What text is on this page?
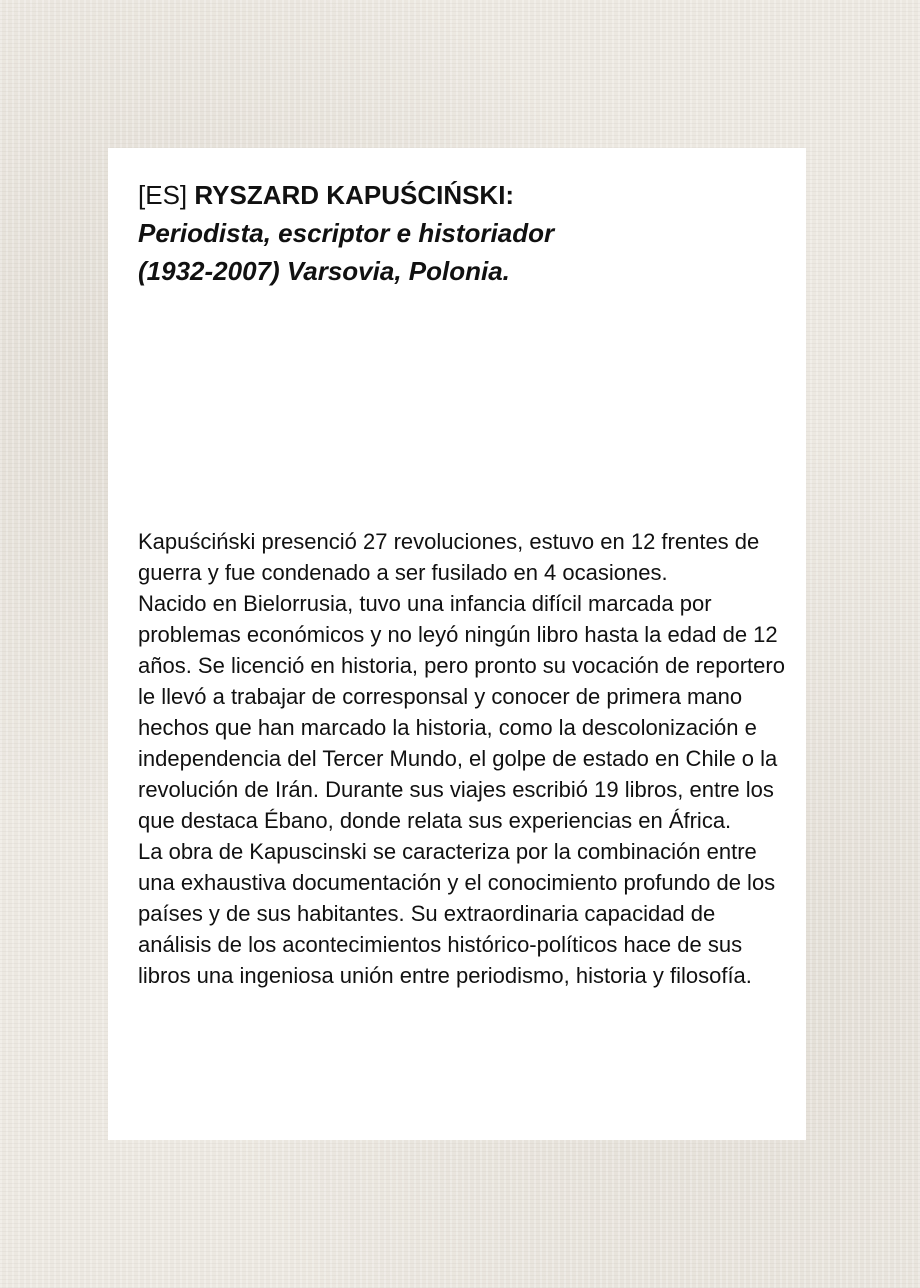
[ES] RYSZARD KAPUŚCIŃSKI:
Periodista, escriptor e historiador
(1932-2007) Varsovia, Polonia.

Kapuściński presenció 27 revoluciones, estuvo en 12 frentes de guerra y fue condenado a ser fusilado en 4 ocasiones.
Nacido en Bielorrusia, tuvo una infancia difícil marcada por problemas económicos y no leyó ningún libro hasta la edad de 12 años. Se licenció en historia, pero pronto su vocación de reportero le llevó a trabajar de corresponsal y conocer de primera mano hechos que han marcado la historia, como la descolonización e independencia del Tercer Mundo, el golpe de estado en Chile o la revolución de Irán. Durante sus viajes escribió 19 libros, entre los que destaca Ébano, donde relata sus experiencias en África.
La obra de Kapuscinski se caracteriza por la combinación entre una exhaustiva documentación y el conocimiento profundo de los países y de sus habitantes. Su extraordinaria capacidad de análisis de los acontecimientos histórico-políticos hace de sus libros una ingeniosa unión entre periodismo, historia y filosofía.
